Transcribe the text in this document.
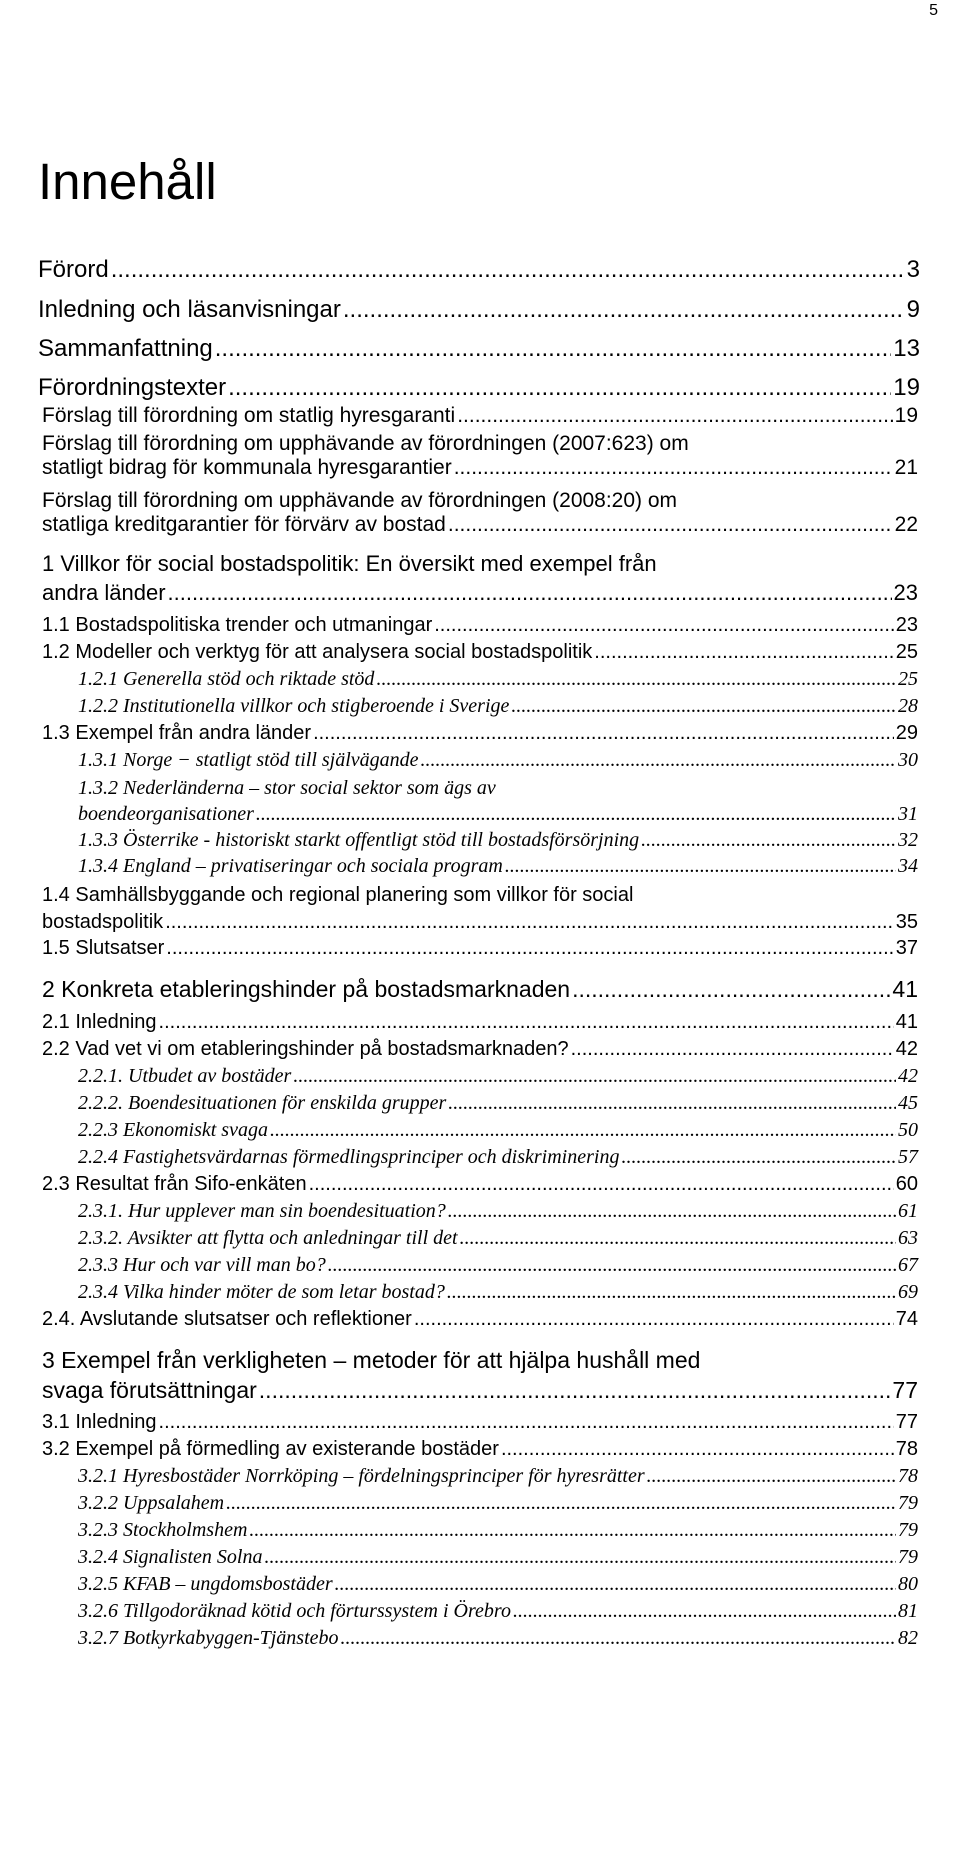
5
Innehåll
Förord .....	3
Inledning och läsanvisningar .....	9
Sammanfattning .....	13
Förordningstexter .....	19
Förslag till förordning om statlig hyresgaranti .....	19
Förslag till förordning om upphävande av förordningen (2007:623) om
statligt bidrag för kommunala hyresgarantier .....	21
Förslag till förordning om upphävande av förordningen (2008:20) om
statliga kreditgarantier för förvärv av bostad .....	22
1 Villkor för social bostadspolitik: En översikt med exempel från
andra länder .....	23
1.1 Bostadspolitiska trender och utmaningar .....	23
1.2 Modeller och verktyg för att analysera social bostadspolitik .....	25
1.2.1 Generella stöd och riktade stöd .....	25
1.2.2 Institutionella villkor och stigberoende i Sverige .....	28
1.3 Exempel från andra länder .....	29
1.3.1 Norge − statligt stöd till självägande .....	30
1.3.2 Nederländerna – stor social sektor som ägs av
boendeorganisationer .....	31
1.3.3 Österrike - historiskt starkt offentligt stöd till bostadsförsörjning .....	32
1.3.4 England – privatiseringar och sociala program .....	34
1.4 Samhällsbyggande och regional planering som villkor för social
bostadspolitik .....	35
1.5 Slutsatser .....	37
2 Konkreta etableringshinder på bostadsmarknaden .....	41
2.1 Inledning .....	41
2.2 Vad vet vi om etableringshinder på bostadsmarknaden? .....	42
2.2.1. Utbudet av bostäder .....	42
2.2.2. Boendesituationen för enskilda grupper .....	45
2.2.3 Ekonomiskt svaga .....	50
2.2.4 Fastighetsvärdarnas förmedlingsprinciper och diskriminering .....	57
2.3 Resultat från Sifo-enkäten .....	60
2.3.1. Hur upplever man sin boendesituation? .....	61
2.3.2. Avsikter att flytta och anledningar till det .....	63
2.3.3 Hur och var vill man bo? .....	67
2.3.4 Vilka hinder möter de som letar bostad? .....	69
2.4. Avslutande slutsatser och reflektioner .....	74
3 Exempel från verkligheten – metoder för att hjälpa hushåll med
svaga förutsättningar .....	77
3.1 Inledning .....	77
3.2 Exempel på förmedling av existerande bostäder .....	78
3.2.1 Hyresbostäder Norrköping – fördelningsprinciper för hyresrätter .....	78
3.2.2 Uppsalahem .....	79
3.2.3 Stockholmshem .....	79
3.2.4 Signalisten Solna .....	79
3.2.5 KFAB – ungdomsbostäder .....	80
3.2.6 Tillgodoräknad kötid och förturssystem i Örebro .....	81
3.2.7 Botkyrkabyggen-Tjänstebo .....	82
